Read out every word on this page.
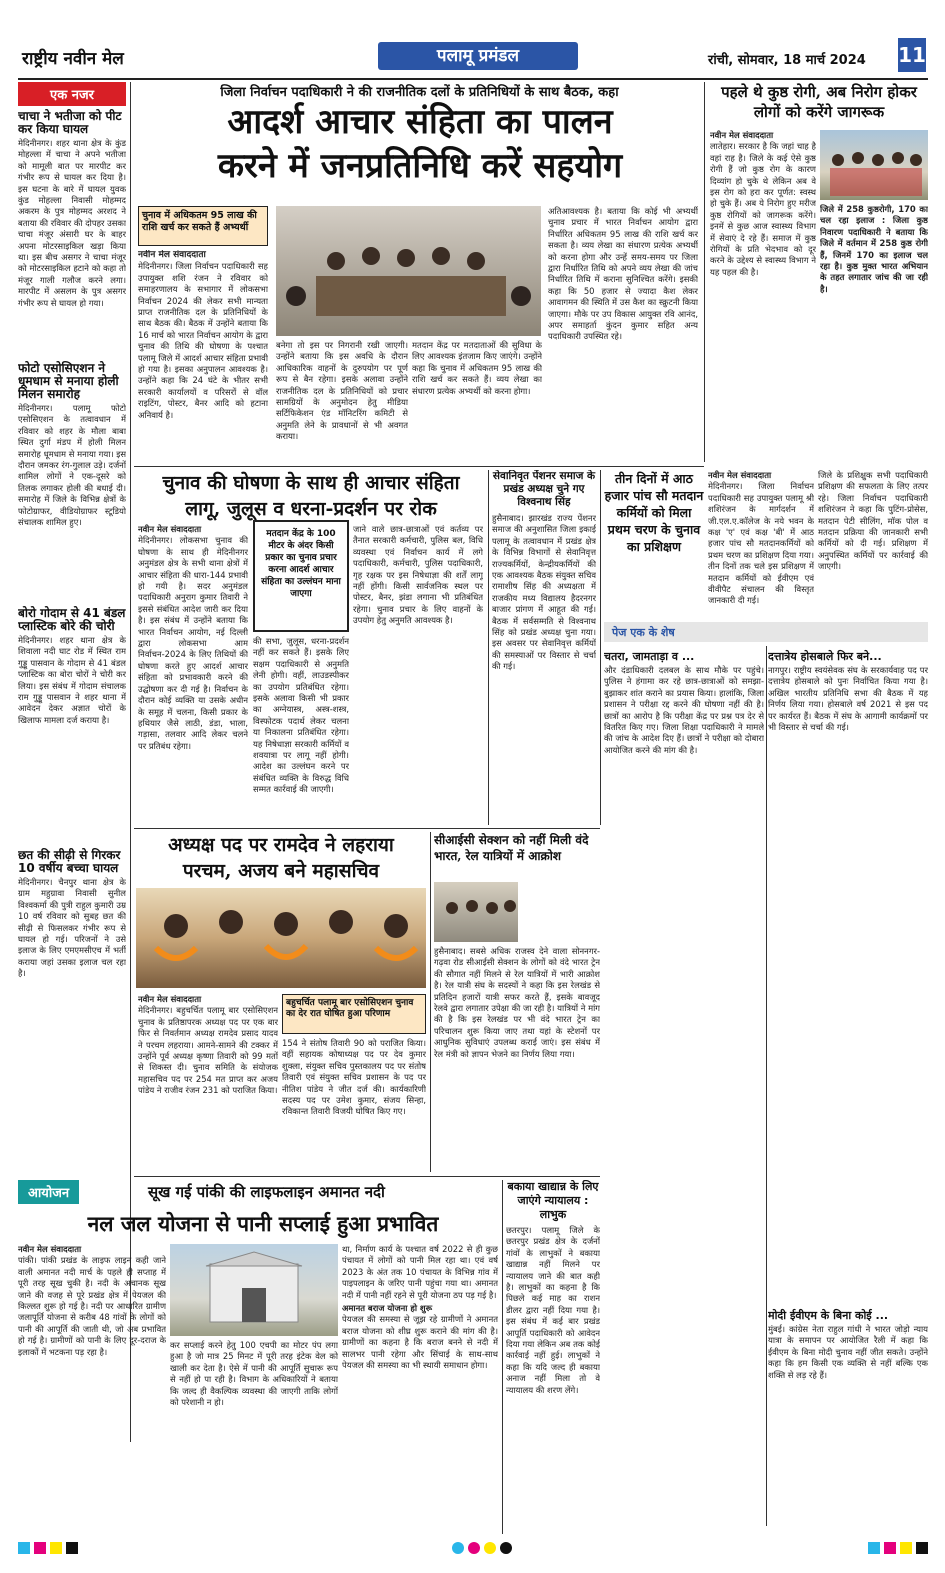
राष्ट्रीय नवीन मेल	पलामू प्रमंडल	रांची, सोमवार, 18 मार्च 2024 11
एक नजर
चाचा ने भतीजा को पीट कर किया घायल
मेदिनीनगर। शहर थाना क्षेत्र के कुंड मोहल्ला में चाचा ने अपने भतीजा को मामूली बात पर मारपीट कर गंभीर रूप से घायल कर दिया है। इस घटना के बारे में घायल युवक कुंड मोहल्ला निवासी मोहम्मद अकरम के पुत्र मोहम्मद अरशद ने बताया की रविवार की दोपहर उसका चाचा मंजूर अंसारी घर के बाहर अपना मोटरसाइकिल खड़ा किया था। इस बीच असगर ने चाचा मंजूर को मोटरसाइकिल हटाने को कहा तो मंजूर गाली गलौज करने लगा। मारपीट में असलम के पुत्र असगर गंभीर रूप से घायल हो गया।
फोटो एसोसिएशन ने धूमधाम से मनाया होली मिलन समारोह
मेदिनीनगर। पलामू फोटो एसोसिएशन के तत्वावधान में रविवार को शहर के मौला बाबा स्थित दुर्गा मंडप में होली मिलन समारोह धूमधाम से मनाया गया। इस दौरान जमकर रंग-गुलाल उड़े। दर्जनों शामिल लोगों ने एक-दूसरे को तिलक लगाकर होली की बधाई दी। समारोह में जिले के विभिन्न क्षेत्रों के फोटोग्राफर, वीडियोग्राफर स्टूडियो संचालक शामिल हुए।
बोरो गोदाम से 41 बंडल प्लास्टिक बोरे की चोरी
मेदिनीनगर। शहर थाना क्षेत्र के शिवाला नदी घाट रोड में स्थित राम गुड्डू पासवान के गोदाम से 41 बंडल प्लास्टिक का बोरा चोरों ने चोरी कर लिया। इस संबंध में गोदाम संचालक राम गुड्डू पासवान ने शहर थाना में आवेदन देकर अज्ञात चोरों के खिलाफ मामला दर्ज कराया है।
छत की सीढ़ी से गिरकर 10 वर्षीय बच्चा घायल
मेदिनीनगर। चैनपुर थाना क्षेत्र के ग्राम महुग्रावा निवासी सुनील विश्वकर्मा की पुत्री राहुल कुमारी उम्र 10 वर्ष रविवार को सुबह छत की सीढ़ी से फिसलकर गंभीर रूप से घायल हो गई। परिजनों ने उसे इलाज के लिए एमएमसीएच में भर्ती कराया जहां उसका इलाज चल रहा है।
जिला निर्वाचन पदाधिकारी ने की राजनीतिक दलों के प्रतिनिधियों के साथ बैठक, कहा
आदर्श आचार संहिता का पालन
करने में जनप्रतिनिधि करें सहयोग
चुनाव में अधिकतम 95 लाख की राशि खर्च कर सकते हैं अभ्यर्थी
नवीन मेल संवाददाता
मेदिनीनगर। जिला निर्वाचन पदाधिकारी सह उपायुक्त शशि रंजन ने रविवार को समाहरणालय के सभागार में लोकसभा निर्वाचन 2024 की लेकर सभी मान्यता प्राप्त राजनीतिक दल के प्रतिनिधियों के साथ बैठक की। बैठक में उन्होंने बताया कि 16 मार्च को भारत निर्वाचन आयोग के द्वारा चुनाव की तिथि की घोषणा के पश्चात पलामू जिले में आदर्श आचार संहिता प्रभावी हो गया है। इसका अनुपालन आवश्यक है। उन्होंने कहा कि 24 घंटे के भीतर सभी सरकारी कार्यालयों व परिसरों से वॉल राइटिंग, पोस्टर, बैनर आदि को हटाना अनिवार्य है।
बनेगा तो इस पर निगरानी रखी जाएगी। उन्होंने बताया कि इस अवधि के दौरान आधिकारिक वाहनों के दुरुपयोग पर पूर्ण रूप से बैन रहेगा। इसके अलावा उन्होंने राजनीतिक दल के प्रतिनिधियों को प्रचार सामग्रियों के अनुमोदन हेतु मीडिया सर्टिफिकेशन एंड मॉनिटरिंग कमिटी से अनुमति लेने के प्रावधानों से भी अवगत कराया।
मतदान केंद्र पर मतदाताओं की सुविधा के लिए आवश्यक इंतजाम किए जाएंगे। उन्होंने कहा कि चुनाव में अधिकतम 95 लाख की राशि खर्च कर सकते हैं। व्यय लेखा का संधारण प्रत्येक अभ्यर्थी को करना होगा।
अतिआवश्यक है। बताया कि कोई भी अभ्यर्थी चुनाव प्रचार में भारत निर्वाचन आयोग द्वारा निर्धारित अधिकतम 95 लाख की राशि खर्च कर सकता है। व्यय लेखा का संधारण प्रत्येक अभ्यर्थी को करना होगा और उन्हें समय-समय पर जिला द्वारा निर्धारित तिथि को अपने व्यय लेखा की जांच निर्धारित तिथि में कराना सुनिश्चित करेंगे। इसकी कहा कि 50 हजार से ज्यादा कैश लेकर आवागमन की स्थिति में उस कैश का स्क्रुटनी किया जाएगा। मौके पर उप विकास आयुक्त रवि आनंद, अपर समाहर्ता कुंदन कुमार सहित अन्य पदाधिकारी उपस्थित रहे।
पहले थे कुष्ठ रोगी, अब निरोग होकर लोगों को करेंगे जागरूक
नवीन मेल संवाददाता
लातेहार। सरकार है कि जहां चाह है वहां राह है। जिले के कई ऐसे कुष्ठ रोगी हैं जो कुष्ठ रोग के कारण दिव्यांग हो चुके थे लेकिन अब वे इस रोग को हरा कर पूर्णत: स्वस्थ हो चुके हैं। अब ये निरोग हुए मरीज कुष्ठ रोगियों को जागरूक करेंगे। इनमें से कुछ आज स्वास्थ्य विभाग में सेवाएं दे रहे हैं। समाज में कुष्ठ रोगियों के प्रति भेदभाव को दूर करने के उद्देश्य से स्वास्थ्य विभाग ने यह पहल की है।
जिले में 258 कुष्ठरोगी, 170 का चल रहा इलाज : जिला कुष्ठ निवारण पदाधिकारी ने बताया कि जिले में वर्तमान में 258 कुष्ठ रोगी हैं, जिनमें 170 का इलाज चल रहा है। कुष्ठ मुक्त भारत अभियान के तहत लगातार जांच की जा रही है।
चुनाव की घोषणा के साथ ही आचार संहिता
लागू, जुलूस व धरना-प्रदर्शन पर रोक
नवीन मेल संवाददाता
मेदिनीनगर। लोकसभा चुनाव की घोषणा के साथ ही मेदिनीनगर अनुमंडल क्षेत्र के सभी थाना क्षेत्रों में आचार संहिता की धारा-144 प्रभावी हो गयी है। सदर अनुमंडल पदाधिकारी अनुराग कुमार तिवारी ने इससे संबंधित आदेश जारी कर दिया है। इस संबंध में उन्होंने बताया कि भारत निर्वाचन आयोग, नई दिल्ली द्वारा लोकसभा आम निर्वाचन-2024 के लिए तिथियों की घोषणा करते हुए आदर्श आचार संहिता को प्रभावकारी करने की उद्घोषणा कर दी गई है। निर्वाचन के दौरान कोई व्यक्ति या उसके अधीन के समूह में चलना, किसी प्रकार के हथियार जैसे लाठी, डंडा, भाला, गड़ासा, तलवार आदि लेकर चलने पर प्रतिबंध रहेगा।
मतदान केंद्र के 100 मीटर के अंदर किसी प्रकार का चुनाव प्रचार करना आदर्श आचार संहिता का उल्लंघन माना जाएगा
की सभा, जुलूस, धरना-प्रदर्शन नहीं कर सकते हैं। इसके लिए सक्षम पदाधिकारी से अनुमति लेनी होगी। वहीं, लाउडस्पीकर का उपयोग प्रतिबंधित रहेगा। इसके अलावा किसी भी प्रकार का अग्नेयास्त्र, अस्त्र-शस्त्र, विस्फोटक पदार्थ लेकर चलना या निकालना प्रतिबंधित रहेगा। यह निषेधाज्ञा सरकारी कर्मियों व शवयात्रा पर लागू नहीं होगी। आदेश का उल्लंघन करने पर संबंधित व्यक्ति के विरुद्ध विधि सम्मत कार्रवाई की जाएगी।
जाने वाले छात्र-छात्राओं एवं कर्तव्य पर तैनात सरकारी कर्मचारी, पुलिस बल, विधि व्यवस्था एवं निर्वाचन कार्य में लगे पदाधिकारी, कर्मचारी, पुलिस पदाधिकारी, गृह रक्षक पर इस निषेधाज्ञा की शर्तें लागू नहीं होंगी। किसी सार्वजनिक स्थल पर पोस्टर, बैनर, झंडा लगाना भी प्रतिबंधित रहेगा। चुनाव प्रचार के लिए वाहनों के उपयोग हेतु अनुमति आवश्यक है।
सेवानिवृत पेंशनर समाज के प्रखंड अध्यक्ष चुने गए विश्वनाथ सिंह
हुसैनाबाद। झारखंड राज्य पेंशनर समाज की अनुशासित जिला इकाई पलामू के तत्वावधान में प्रखंड क्षेत्र के विभिन्न विभागों से सेवानिवृत्त राज्यकर्मियों, केन्द्रीयकर्मियों की एक आवश्यक बैठक संयुक्त सचिव रामाशीष सिंह की अध्यक्षता में राजकीय मध्य विद्यालय हैदरनगर बाजार प्रांगण में आहूत की गई। बैठक में सर्वसम्मति से विश्वनाथ सिंह को प्रखंड अध्यक्ष चुना गया। इस अवसर पर सेवानिवृत्त कर्मियों की समस्याओं पर विस्तार से चर्चा की गई।
तीन दिनों में आठ हजार पांच सौ मतदान कर्मियों को मिला प्रथम चरण के चुनाव का प्रशिक्षण
नवीन मेल संवाददाता
मेदिनीनगर। जिला निर्वाचन पदाधिकारी सह उपायुक्त पलामू श्री शशिरंजन के मार्गदर्शन में जी.एल.ए.कॉलेज के नये भवन के कक्ष 'ए' एवं कक्ष 'बी' में आठ हजार पांच सौ मतदानकर्मियों को प्रथम चरण का प्रशिक्षण दिया गया। तीन दिनों तक चले इस प्रशिक्षण में मतदान कर्मियों को ईवीएम एवं वीवीपैट संचालन की विस्तृत जानकारी दी गई।
जिले के प्रशिक्षुक सभी पदाधिकारी प्रशिक्षण की सफलता के लिए तत्पर रहे। जिला निर्वाचन पदाधिकारी शशिरंजन ने कहा कि पुटिंग-प्रोसेस, मतदान पेटी सीलिंग, मॉक पोल व मतदान प्रक्रिया की जानकारी सभी कर्मियों को दी गई। प्रशिक्षण में अनुपस्थित कर्मियों पर कार्रवाई की जाएगी।
पेज एक के शेष
चतरा, जामताड़ा व ...
और दंडाधिकारी दलबल के साथ मौके पर पहुंचे। पुलिस ने हंगामा कर रहे छात्र-छात्राओं को समझा-बुझाकर शांत कराने का प्रयास किया। हालांकि, जिला प्रशासन ने परीक्षा रद्द करने की घोषणा नहीं की है। छात्रों का आरोप है कि परीक्षा केंद्र पर प्रश्न पत्र देर से वितरित किए गए। जिला शिक्षा पदाधिकारी ने मामले की जांच के आदेश दिए हैं। छात्रों ने परीक्षा को दोबारा आयोजित करने की मांग की है।
दत्तात्रेय होसबाले फिर बने...
नागपुर। राष्ट्रीय स्वयंसेवक संघ के सरकार्यवाह पद पर दत्तात्रेय होसबाले को पुनः निर्वाचित किया गया है। अखिल भारतीय प्रतिनिधि सभा की बैठक में यह निर्णय लिया गया। होसबाले वर्ष 2021 से इस पद पर कार्यरत हैं। बैठक में संघ के आगामी कार्यक्रमों पर भी विस्तार से चर्चा की गई।
मोदी ईवीएम के बिना कोई ...
मुंबई। कांग्रेस नेता राहुल गांधी ने भारत जोड़ो न्याय यात्रा के समापन पर आयोजित रैली में कहा कि ईवीएम के बिना मोदी चुनाव नहीं जीत सकते। उन्होंने कहा कि हम किसी एक व्यक्ति से नहीं बल्कि एक शक्ति से लड़ रहे हैं।
अध्यक्ष पद पर रामदेव ने लहराया
परचम, अजय बने महासचिव
नवीन मेल संवाददाता
मेदिनीनगर। बहुचर्चित पलामू बार एसोसिएशन चुनाव के प्रतिष्ठापरक अध्यक्ष पद पर एक बार फिर से निवर्तमान अध्यक्ष रामदेव प्रसाद यादव ने परचम लहराया। आमने-सामने की टक्कर में उन्होंने पूर्व अध्यक्ष कृष्णा तिवारी को 99 मतों से शिकस्त दी। चुनाव समिति के संयोजक महासचिव पद पर 254 मत प्राप्त कर अजय पांडेय ने राजीव रंजन 231 को पराजित किया।
बहुचर्चित पलामू बार एसोसिएशन चुनाव का देर रात घोषित हुआ परिणाम
154 ने संतोष तिवारी 90 को पराजित किया। वहीं सहायक कोषाध्यक्ष पद पर देव कुमार शुक्ला, संयुक्त सचिव पुस्तकालय पद पर संतोष तिवारी एवं संयुक्त सचिव प्रशासन के पद पर नीतिश पांडेय ने जीत दर्ज की। कार्यकारिणी सदस्य पद पर उमेश कुमार, संजय सिन्हा, रविकान्त तिवारी विजयी घोषित किए गए।
सीआईसी सेक्शन को नहीं मिली वंदे भारत, रेल यात्रियों में आक्रोश
हुसैनाबाद। सबसे अधिक राजस्व देने वाला सोननगर-गढ़वा रोड सीआईसी सेक्शन के लोगों को वंदे भारत ट्रेन की सौगात नहीं मिलने से रेल यात्रियों में भारी आक्रोश है। रेल यात्री संघ के सदस्यों ने कहा कि इस रेलखंड से प्रतिदिन हजारों यात्री सफर करते हैं, इसके बावजूद रेलवे द्वारा लगातार उपेक्षा की जा रही है। यात्रियों ने मांग की है कि इस रेलखंड पर भी वंदे भारत ट्रेन का परिचालन शुरू किया जाए तथा यहां के स्टेशनों पर आधुनिक सुविधाएं उपलब्ध कराई जाएं। इस संबंध में रेल मंत्री को ज्ञापन भेजने का निर्णय लिया गया।
आयोजन	सूख गई पांकी की लाइफलाइन अमानत नदी
नल जल योजना से पानी सप्लाई हुआ प्रभावित
नवीन मेल संवाददाता
पांकी। पांकी प्रखंड के लाइफ लाइन कही जाने वाली अमानत नदी मार्च के पहले ही सप्ताह में पूरी तरह सूख चुकी है। नदी के अचानक सूख जाने की वजह से पूरे प्रखंड क्षेत्र में पेयजल की किल्लत शुरू हो गई है। नदी पर आधारित ग्रामीण जलापूर्ति योजना से करीब 48 गांवों के लोगों को पानी की आपूर्ति की जाती थी, जो अब प्रभावित हो गई है। ग्रामीणों को पानी के लिए दूर-दराज के इलाकों में भटकना पड़ रहा है।
कर सप्लाई करने हेतु 100 एचपी का मोटर पंप लगा हुआ है जो मात्र 25 मिनट में पूरी तरह इंटेक वेल को खाली कर देता है। ऐसे में पानी की आपूर्ति सुचारू रूप से नहीं हो पा रही है। विभाग के अधिकारियों ने बताया कि जल्द ही वैकल्पिक व्यवस्था की जाएगी ताकि लोगों को परेशानी न हो।
था, निर्माण कार्य के पश्चात वर्ष 2022 से ही कुछ पंचायत में लोगों को पानी मिल रहा था। एवं वर्ष 2023 के अंत तक 10 पंचायत के विभिन्न गांव में पाइपलाइन के जरिए पानी पहुंचा गया था। अमानत नदी में पानी नहीं रहने से पूरी योजना ठप पड़ गई है।
अमानत बराज योजना हो शुरू
पेयजल की समस्या से जूझ रहे ग्रामीणों ने अमानत बराज योजना को शीघ्र शुरू कराने की मांग की है। ग्रामीणों का कहना है कि बराज बनने से नदी में सालभर पानी रहेगा और सिंचाई के साथ-साथ पेयजल की समस्या का भी स्थायी समाधान होगा।
बकाया खाद्यान्न के लिए जाएंगे न्यायालय : लाभुक
छतरपुर। पलामू जिले के छतरपुर प्रखंड क्षेत्र के दर्जनों गांवों के लाभुकों ने बकाया खाद्यान्न नहीं मिलने पर न्यायालय जाने की बात कही है। लाभुकों का कहना है कि पिछले कई माह का राशन डीलर द्वारा नहीं दिया गया है। इस संबंध में कई बार प्रखंड आपूर्ति पदाधिकारी को आवेदन दिया गया लेकिन अब तक कोई कार्रवाई नहीं हुई। लाभुकों ने कहा कि यदि जल्द ही बकाया अनाज नहीं मिला तो वे न्यायालय की शरण लेंगे।
